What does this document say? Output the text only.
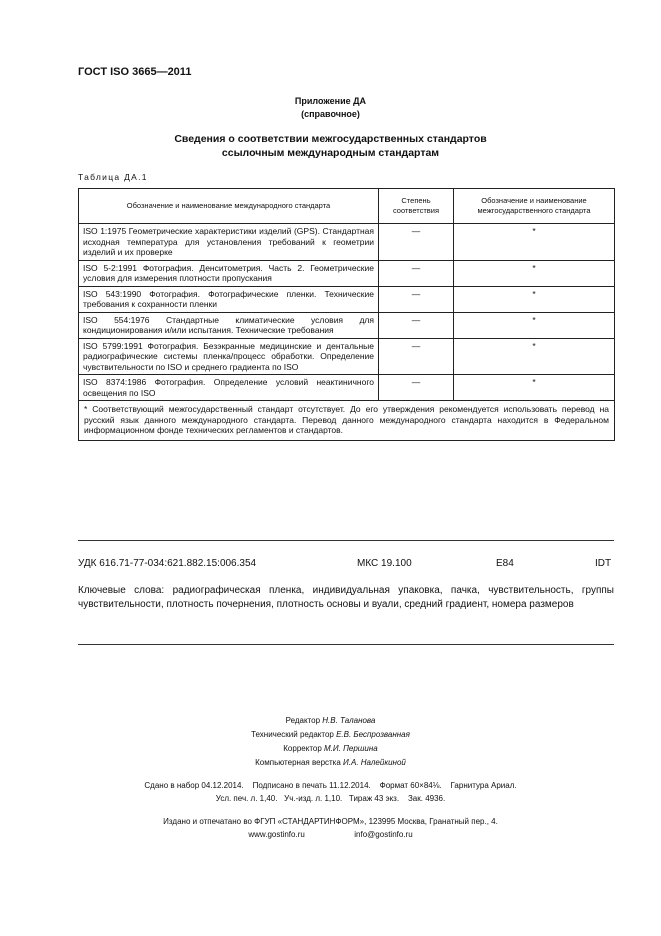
ГОСТ ISO 3665—2011
Приложение ДА
(справочное)
Сведения о соответствии межгосударственных стандартов
ссылочным международным стандартам
Таблица ДА.1
Обозначение и наименование международного стандарта	Степень соответствия	Обозначение и наименование межгосударственного стандарта
ISO 1:1975 Геометрические характеристики изделий (GPS). Стандартная исходная температура для установления требований к геометрии изделий и их проверке	—	*
ISO 5-2:1991 Фотография. Денситометрия. Часть 2. Геометрические условия для измерения плотности пропускания	—	*
ISO 543:1990 Фотография. Фотографические пленки. Технические требования к сохранности пленки	—	*
ISO 554:1976 Стандартные климатические условия для кондиционирования и/или испытания. Технические требования	—	*
ISO 5799:1991 Фотография. Безэкранные медицинские и дентальные радиографические системы пленка/процесс обработки. Определение чувствительности по ISO и среднего градиента по ISO	—	*
ISO 8374:1986 Фотография. Определение условий неактиничного освещения по ISO	—	*
* Соответствующий межгосударственный стандарт отсутствует. До его утверждения рекомендуется использовать перевод на русский язык данного международного стандарта. Перевод данного международного стандарта находится в Федеральном информационном фонде технических регламентов и стандартов.		
УДК 616.71-77-034:621.882.15:006.354	МКС 19.100	Е84	IDT
Ключевые слова: радиографическая пленка, индивидуальная упаковка, пачка, чувствительность, группы чувствительности, плотность почернения, плотность основы и вуали, средний градиент, номера размеров
Редактор Н.В. Таланова
Технический редактор Е.В. Беспрозванная
Корректор М.И. Першина
Компьютерная верстка И.А. Налейкиной
Сдано в набор 04.12.2014.    Подписано в печать 11.12.2014.    Формат 60×84⅛.    Гарнитура Ариал.
Усл. печ. л. 1,40.   Уч.-изд. л. 1,10.   Тираж 43 экз.    Зак. 4936.
Издано и отпечатано во ФГУП «СТАНДАРТИНФОРМ», 123995 Москва, Гранатный пер., 4.
www.gostinfo.ru	info@gostinfo.ru
